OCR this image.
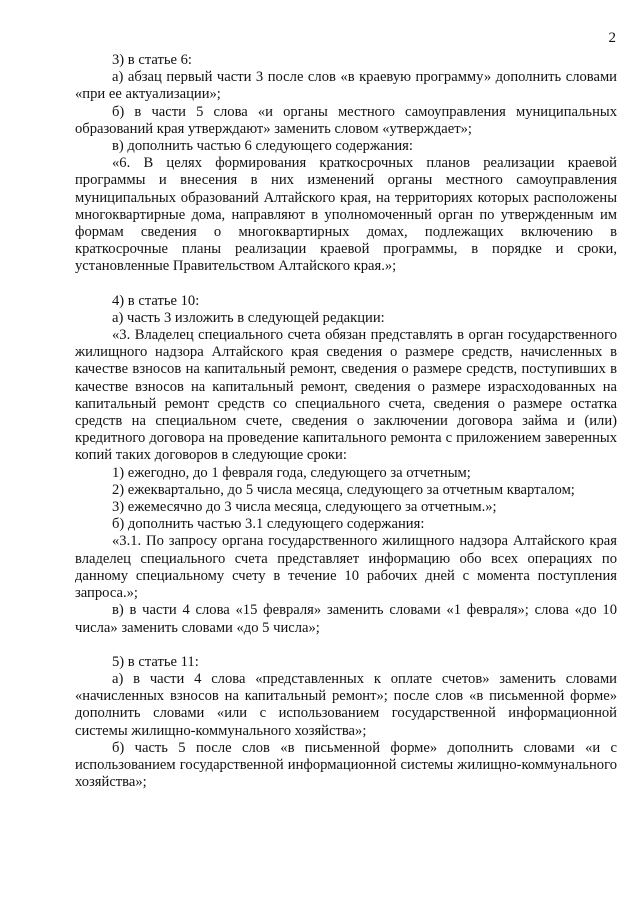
2

3) в статье 6:

а) абзац первый части 3 после слов «в краевую программу» дополнить словами «при ее актуализации»;

б) в части 5 слова «и органы местного самоуправления муниципальных образований края утверждают» заменить словом «утверждает»;

в) дополнить частью 6 следующего содержания:

«6. В целях формирования краткосрочных планов реализации краевой программы и внесения в них изменений органы местного самоуправления муниципальных образований Алтайского края, на территориях которых расположены многоквартирные дома, направляют в уполномоченный орган по утвержденным им формам сведения о многоквартирных домах, подлежащих включению в краткосрочные планы реализации краевой программы, в порядке и сроки, установленные Правительством Алтайского края.»;

4) в статье 10:

а) часть 3 изложить в следующей редакции:

«3. Владелец специального счета обязан представлять в орган государственного жилищного надзора Алтайского края сведения о размере средств, начисленных в качестве взносов на капитальный ремонт, сведения о размере средств, поступивших в качестве взносов на капитальный ремонт, сведения о размере израсходованных на капитальный ремонт средств со специального счета, сведения о размере остатка средств на специальном счете, сведения о заключении договора займа и (или) кредитного договора на проведение капитального ремонта с приложением заверенных копий таких договоров в следующие сроки:

1) ежегодно, до 1 февраля года, следующего за отчетным;

2) ежеквартально, до 5 числа месяца, следующего за отчетным кварталом;

3) ежемесячно до 3 числа месяца, следующего за отчетным.»;

б) дополнить частью 3.1 следующего содержания:

«3.1. По запросу органа государственного жилищного надзора Алтайского края владелец специального счета представляет информацию обо всех операциях по данному специальному счету в течение 10 рабочих дней с момента поступления запроса.»;

в) в части 4 слова «15 февраля» заменить словами «1 февраля»; слова «до 10 числа» заменить словами «до 5 числа»;

5) в статье 11:

а) в части 4 слова «представленных к оплате счетов» заменить словами «начисленных взносов на капитальный ремонт»; после слов «в письменной форме» дополнить словами «или с использованием государственной информационной системы жилищно-коммунального хозяйства»;

б) часть 5 после слов «в письменной форме» дополнить словами «и с использованием государственной информационной системы жилищно-коммунального хозяйства»;
